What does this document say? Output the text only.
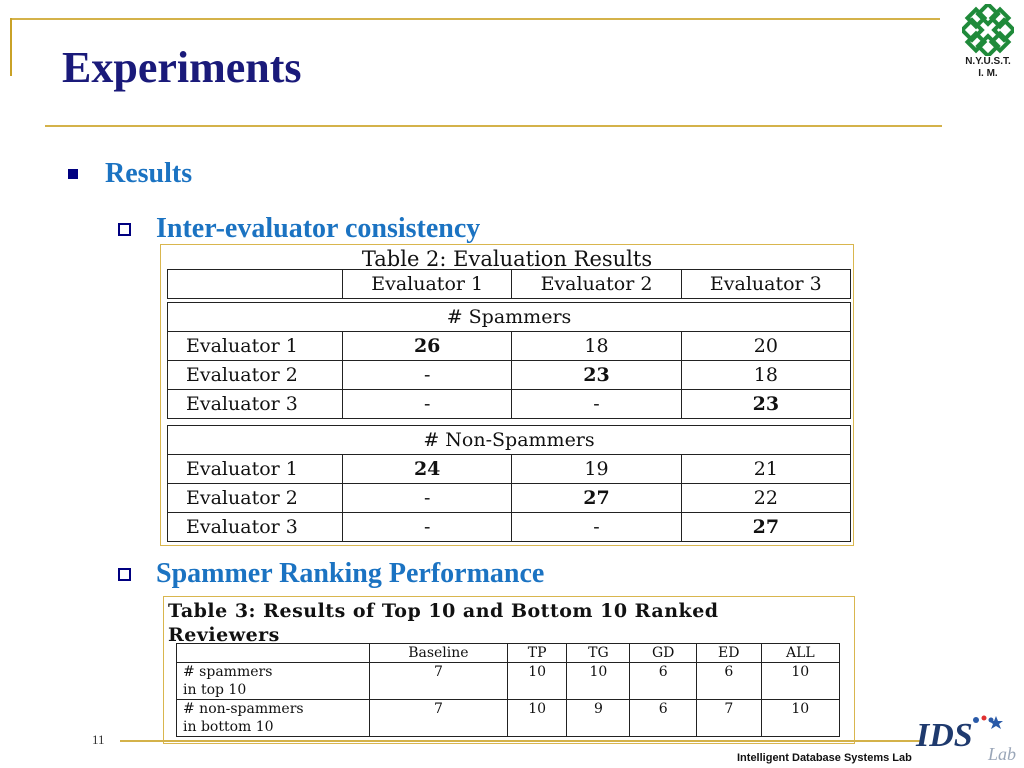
Experiments	N.Y.U.S.T.
I. M.
Results
Inter-evaluator consistency
Table 2: Evaluation Results
	Evaluator 1	Evaluator 2	Evaluator 3
# Spammers			
Evaluator 1	26	18	20
Evaluator 2	-	23	18
Evaluator 3	-	-	23
# Non-Spammers			
Evaluator 1	24	19	21
Evaluator 2	-	27	22
Evaluator 3	-	-	27
Spammer Ranking Performance
Table 3: Results of Top 10 and Bottom 10 Ranked
Reviewers
	Baseline	TP	TG	GD	ED	ALL

# spammers
in top 10	7	10	10	6	6	10

# non-spammers
in bottom 10	7	10	9	6	7	10
11
Intelligent Database Systems Lab
IDS Lab
